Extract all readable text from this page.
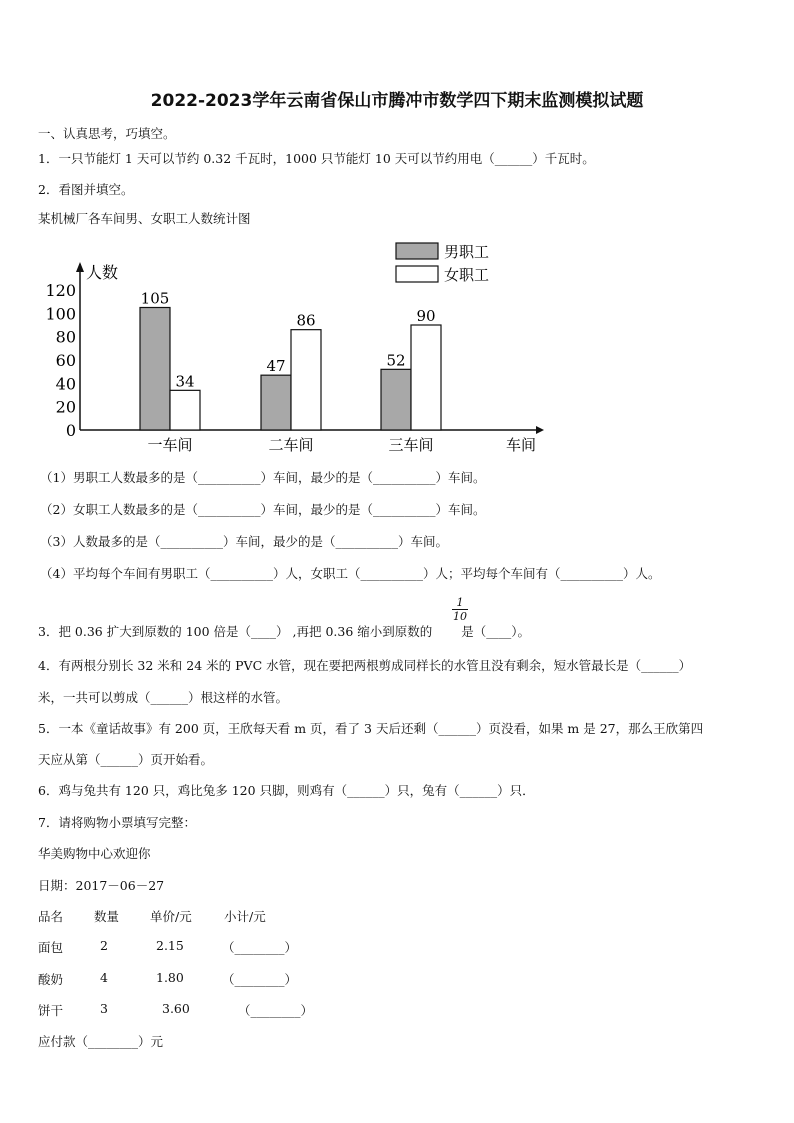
2022-2023学年云南省保山市腾冲市数学四下期末监测模拟试题
一、认真思考，巧填空。
1．一只节能灯 1 天可以节约 0.32 千瓦时，1000 只节能灯 10 天可以节约用电（______）千瓦时。
2．看图并填空。
某机械厂各车间男、女职工人数统计图
0
20
40
60
80
100
120
人数
车间
105
34
一车间
47
86
二车间
52
90
三车间
男职工
女职工
（1）男职工人数最多的是（__________）车间，最少的是（__________）车间。
（2）女职工人数最多的是（__________）车间，最少的是（__________）车间。
（3）人数最多的是（__________）车间，最少的是（__________）车间。
（4）平均每个车间有男职工（__________）人，女职工（__________）人；平均每个车间有（__________）人。
3．把 0.36 扩大到原数的 100 倍是（____） ,再把 0.36 缩小到原数的　　 是（____）。
$\frac{1}{10}$
4．有两根分别长 32 米和 24 米的 PVC 水管，现在要把两根剪成同样长的水管且没有剩余，短水管最长是（______）
米，一共可以剪成（______）根这样的水管。
5．一本《童话故事》有 200 页，王欣每天看 m 页，看了 3 天后还剩（______）页没看，如果 m 是 27，那么王欣第四
天应从第（______）页开始看。
6．鸡与兔共有 120 只，鸡比兔多 120 只脚，则鸡有（______）只，兔有（______）只．
7．请将购物小票填写完整：
华美购物中心欢迎你
日期：2017－06－27
品名 数量 单价/元	小计/元
面包	2	2.15	（________）
酸奶	4	1.80	（________）
饼干	3	3.60	（________）
应付款（________）元
